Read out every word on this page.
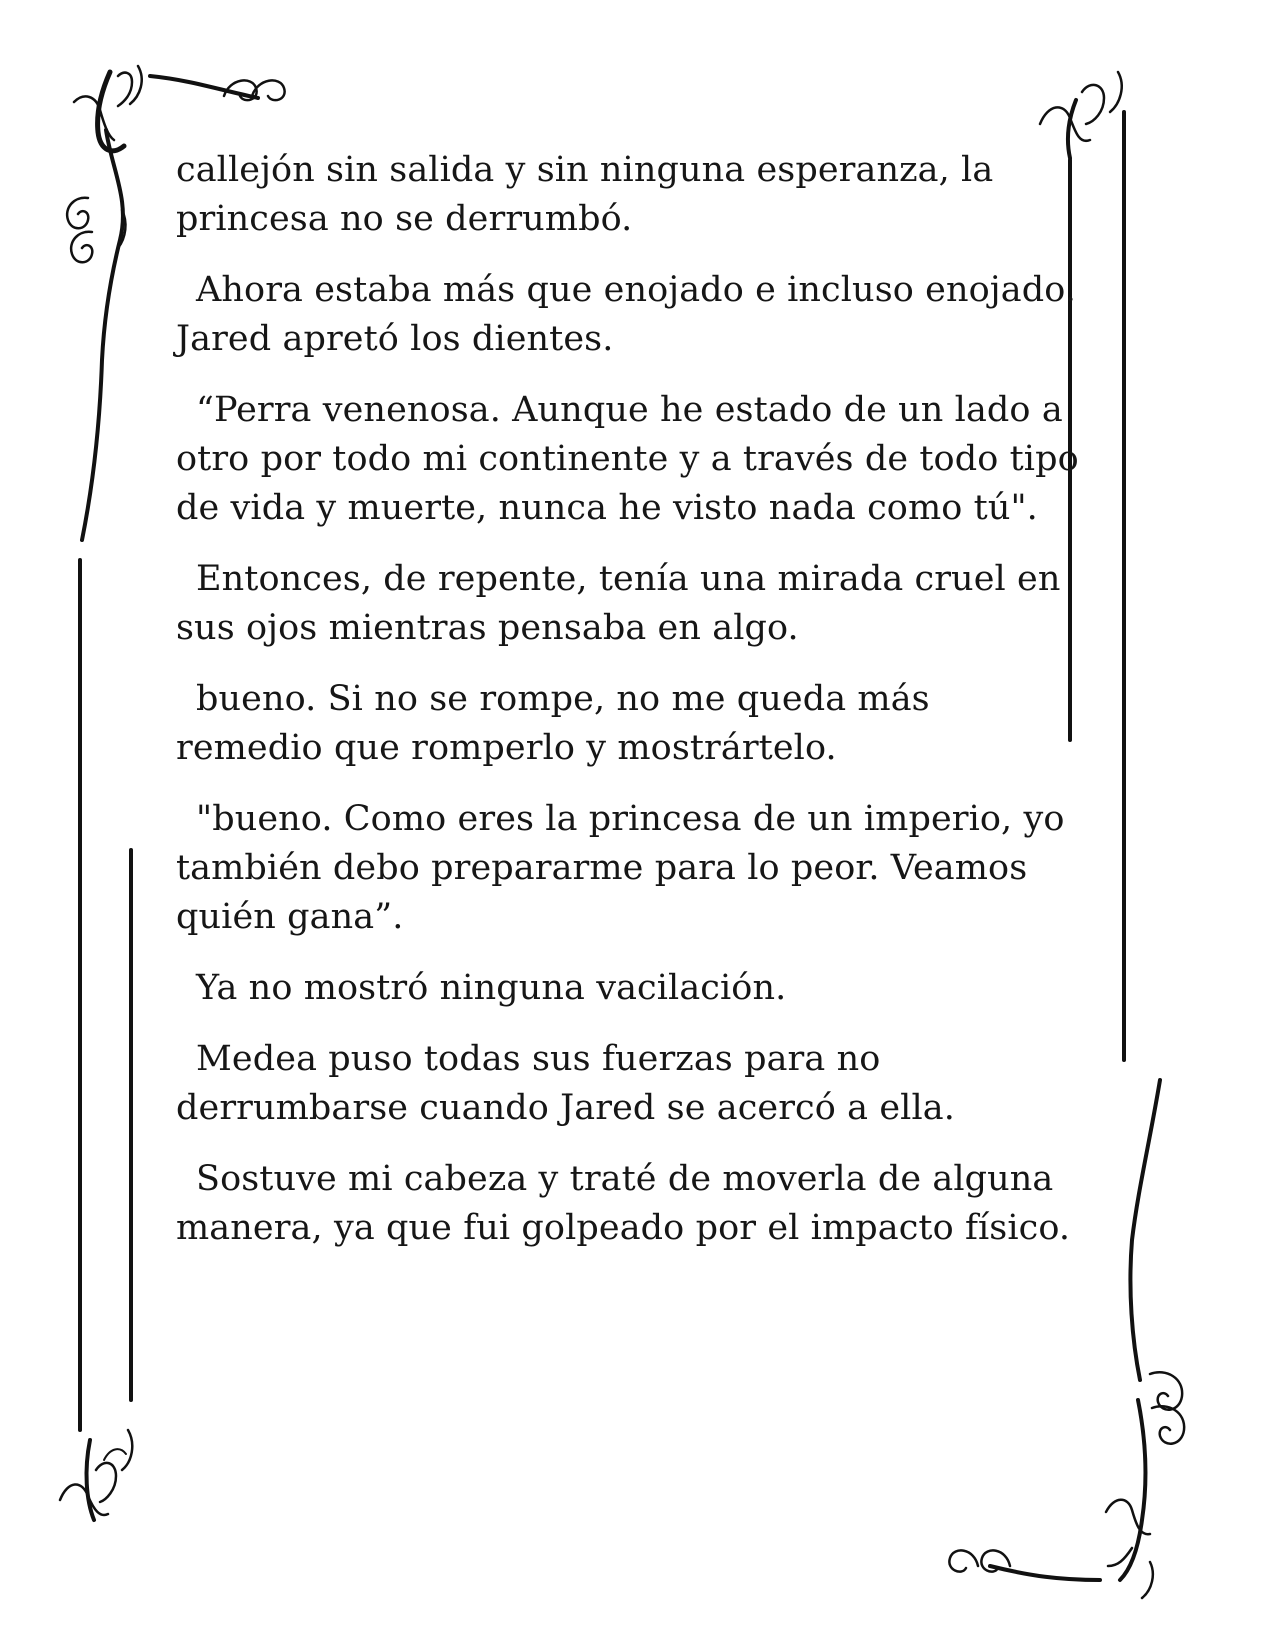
callejón sin salida y sin ninguna esperanza, la princesa no se derrumbó.

Ahora estaba más que enojado e incluso enojado. Jared apretó los dientes.

“Perra venenosa. Aunque he estado de un lado a otro por todo mi continente y a través de todo tipo de vida y muerte, nunca he visto nada como tú".

Entonces, de repente, tenía una mirada cruel en sus ojos mientras pensaba en algo.

bueno. Si no se rompe, no me queda más remedio que romperlo y mostrártelo.

"bueno. Como eres la princesa de un imperio, yo también debo prepararme para lo peor. Veamos quién gana”.

Ya no mostró ninguna vacilación.

Medea puso todas sus fuerzas para no derrumbarse cuando Jared se acercó a ella.

Sostuve mi cabeza y traté de moverla de alguna manera, ya que fui golpeado por el impacto físico.
